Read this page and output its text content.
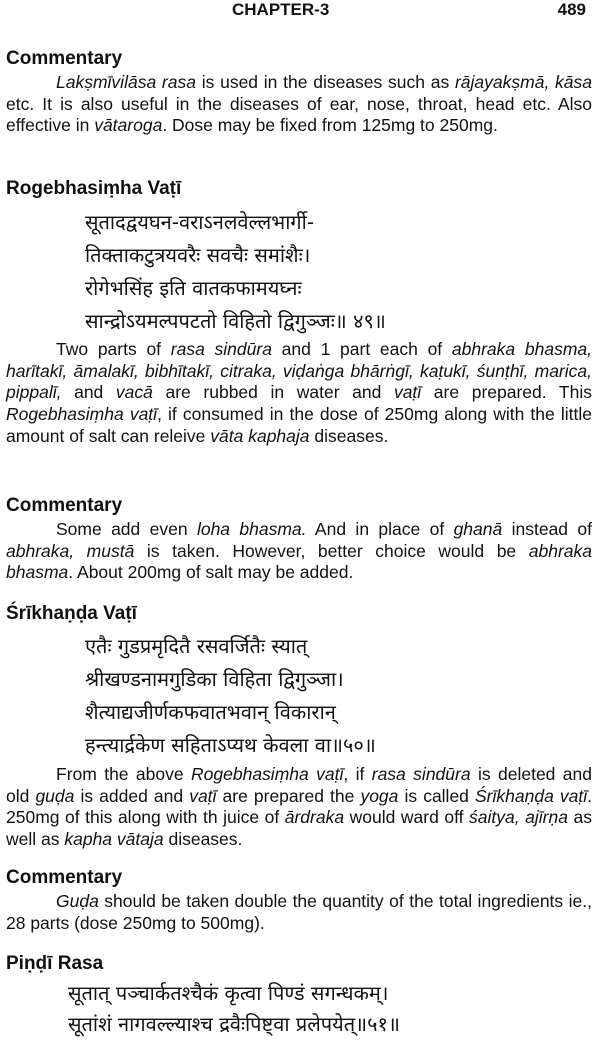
CHAPTER-3	489
Commentary

Lakṣmīvilāsa rasa is used in the diseases such as rājayakṣmā, kāsa etc. It is also useful in the diseases of ear, nose, throat, head etc. Also effective in vātaroga. Dose may be fixed from 125mg to 250mg.

Rogebhasiṃha Vaṭī
सूतादद्वयघन-वराऽनलवेल्लभार्गी-
तिक्ताकटुत्रयवरैः सवचैः समांशैः।
रोगेभसिंह इति वातकफामयघ्नः
सान्द्रोऽयमल्पपटतो विहितो द्विगुञ्जः॥ ४९॥

Two parts of rasa sindūra and 1 part each of abhraka bhasma, harītakī, āmalakī, bibhītakī, citraka, viḍaṅga bhārṅgī, kaṭukī, śunṭhī, marica, pippalī, and vacā are rubbed in water and vaṭī are prepared. This Rogebhasiṃha vaṭī, if consumed in the dose of 250mg along with the little amount of salt can releive vāta kaphaja diseases.

Commentary

Some add even loha bhasma. And in place of ghanā instead of abhraka, mustā is taken. However, better choice would be abhraka bhasma. About 200mg of salt may be added.

Śrīkhaṇḍa Vaṭī
एतैः गुडप्रमृदितै रसवर्जितैः स्यात्
श्रीखण्डनामगुडिका विहिता द्विगुञ्जा।
शैत्याद्यजीर्णकफवातभवान् विकारान्
हन्त्यार्द्रकेण सहिताऽप्यथ केवला वा॥५०॥

From the above Rogebhasiṃha vaṭī, if rasa sindūra is deleted and old guḍa is added and vaṭī are prepared the yoga is called Śrīkhaṇḍa vaṭī. 250mg of this along with th juice of ārdraka would ward off śaitya, ajīrṇa as well as kapha vātaja diseases.

Commentary

Guḍa should be taken double the quantity of the total ingredients ie., 28 parts (dose 250mg to 500mg).

Piṇḍī Rasa
सूतात् पञ्चार्कतश्चैकं कृत्वा पिण्डं सगन्धकम्।
सूतांशं नागवल्ल्याश्च द्रवैःपिष्ट्वा प्रलेपयेत्॥५१॥
